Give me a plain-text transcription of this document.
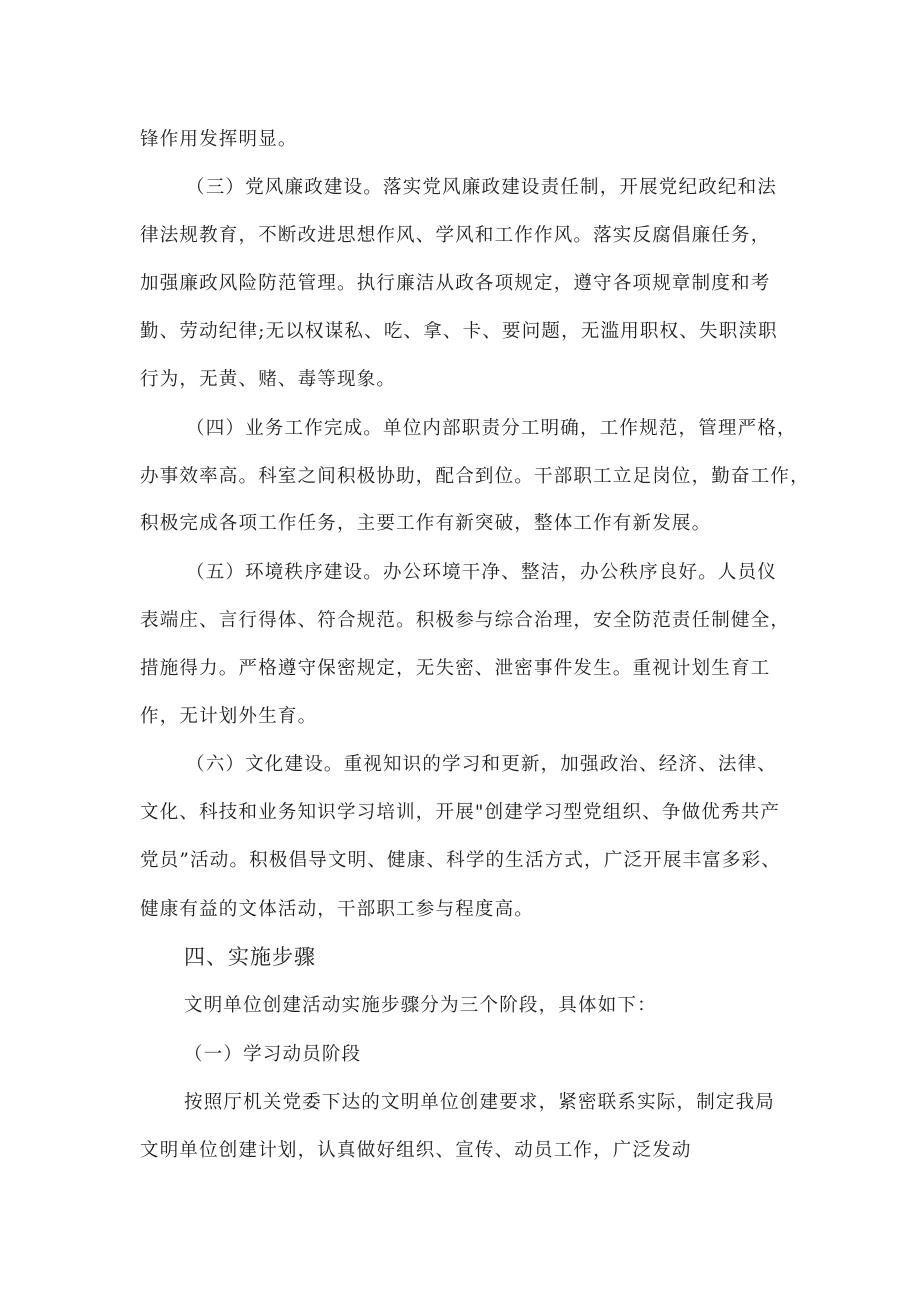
锋作用发挥明显。
（三）党风廉政建设。落实党风廉政建设责任制，开展党纪政纪和法
律法规教育，不断改进思想作风、学风和工作作风。落实反腐倡廉任务，
加强廉政风险防范管理。执行廉洁从政各项规定，遵守各项规章制度和考
勤、劳动纪律;无以权谋私、吃、拿、卡、要问题，无滥用职权、失职渎职
行为，无黄、赌、毒等现象。
（四）业务工作完成。单位内部职责分工明确，工作规范，管理严格，
办事效率高。科室之间积极协助，配合到位。干部职工立足岗位，勤奋工作，
积极完成各项工作任务，主要工作有新突破，整体工作有新发展。
（五）环境秩序建设。办公环境干净、整洁，办公秩序良好。人员仪
表端庄、言行得体、符合规范。积极参与综合治理，安全防范责任制健全，
措施得力。严格遵守保密规定，无失密、泄密事件发生。重视计划生育工
作，无计划外生育。
（六）文化建设。重视知识的学习和更新，加强政治、经济、法律、
文化、科技和业务知识学习培训，开展"创建学习型党组织、争做优秀共产
党员”活动。积极倡导文明、健康、科学的生活方式，广泛开展丰富多彩、
健康有益的文体活动，干部职工参与程度高。
四、实施步骤
文明单位创建活动实施步骤分为三个阶段，具体如下：
（一）学习动员阶段
按照厅机关党委下达的文明单位创建要求，紧密联系实际，制定我局
文明单位创建计划，认真做好组织、宣传、动员工作，广泛发动
